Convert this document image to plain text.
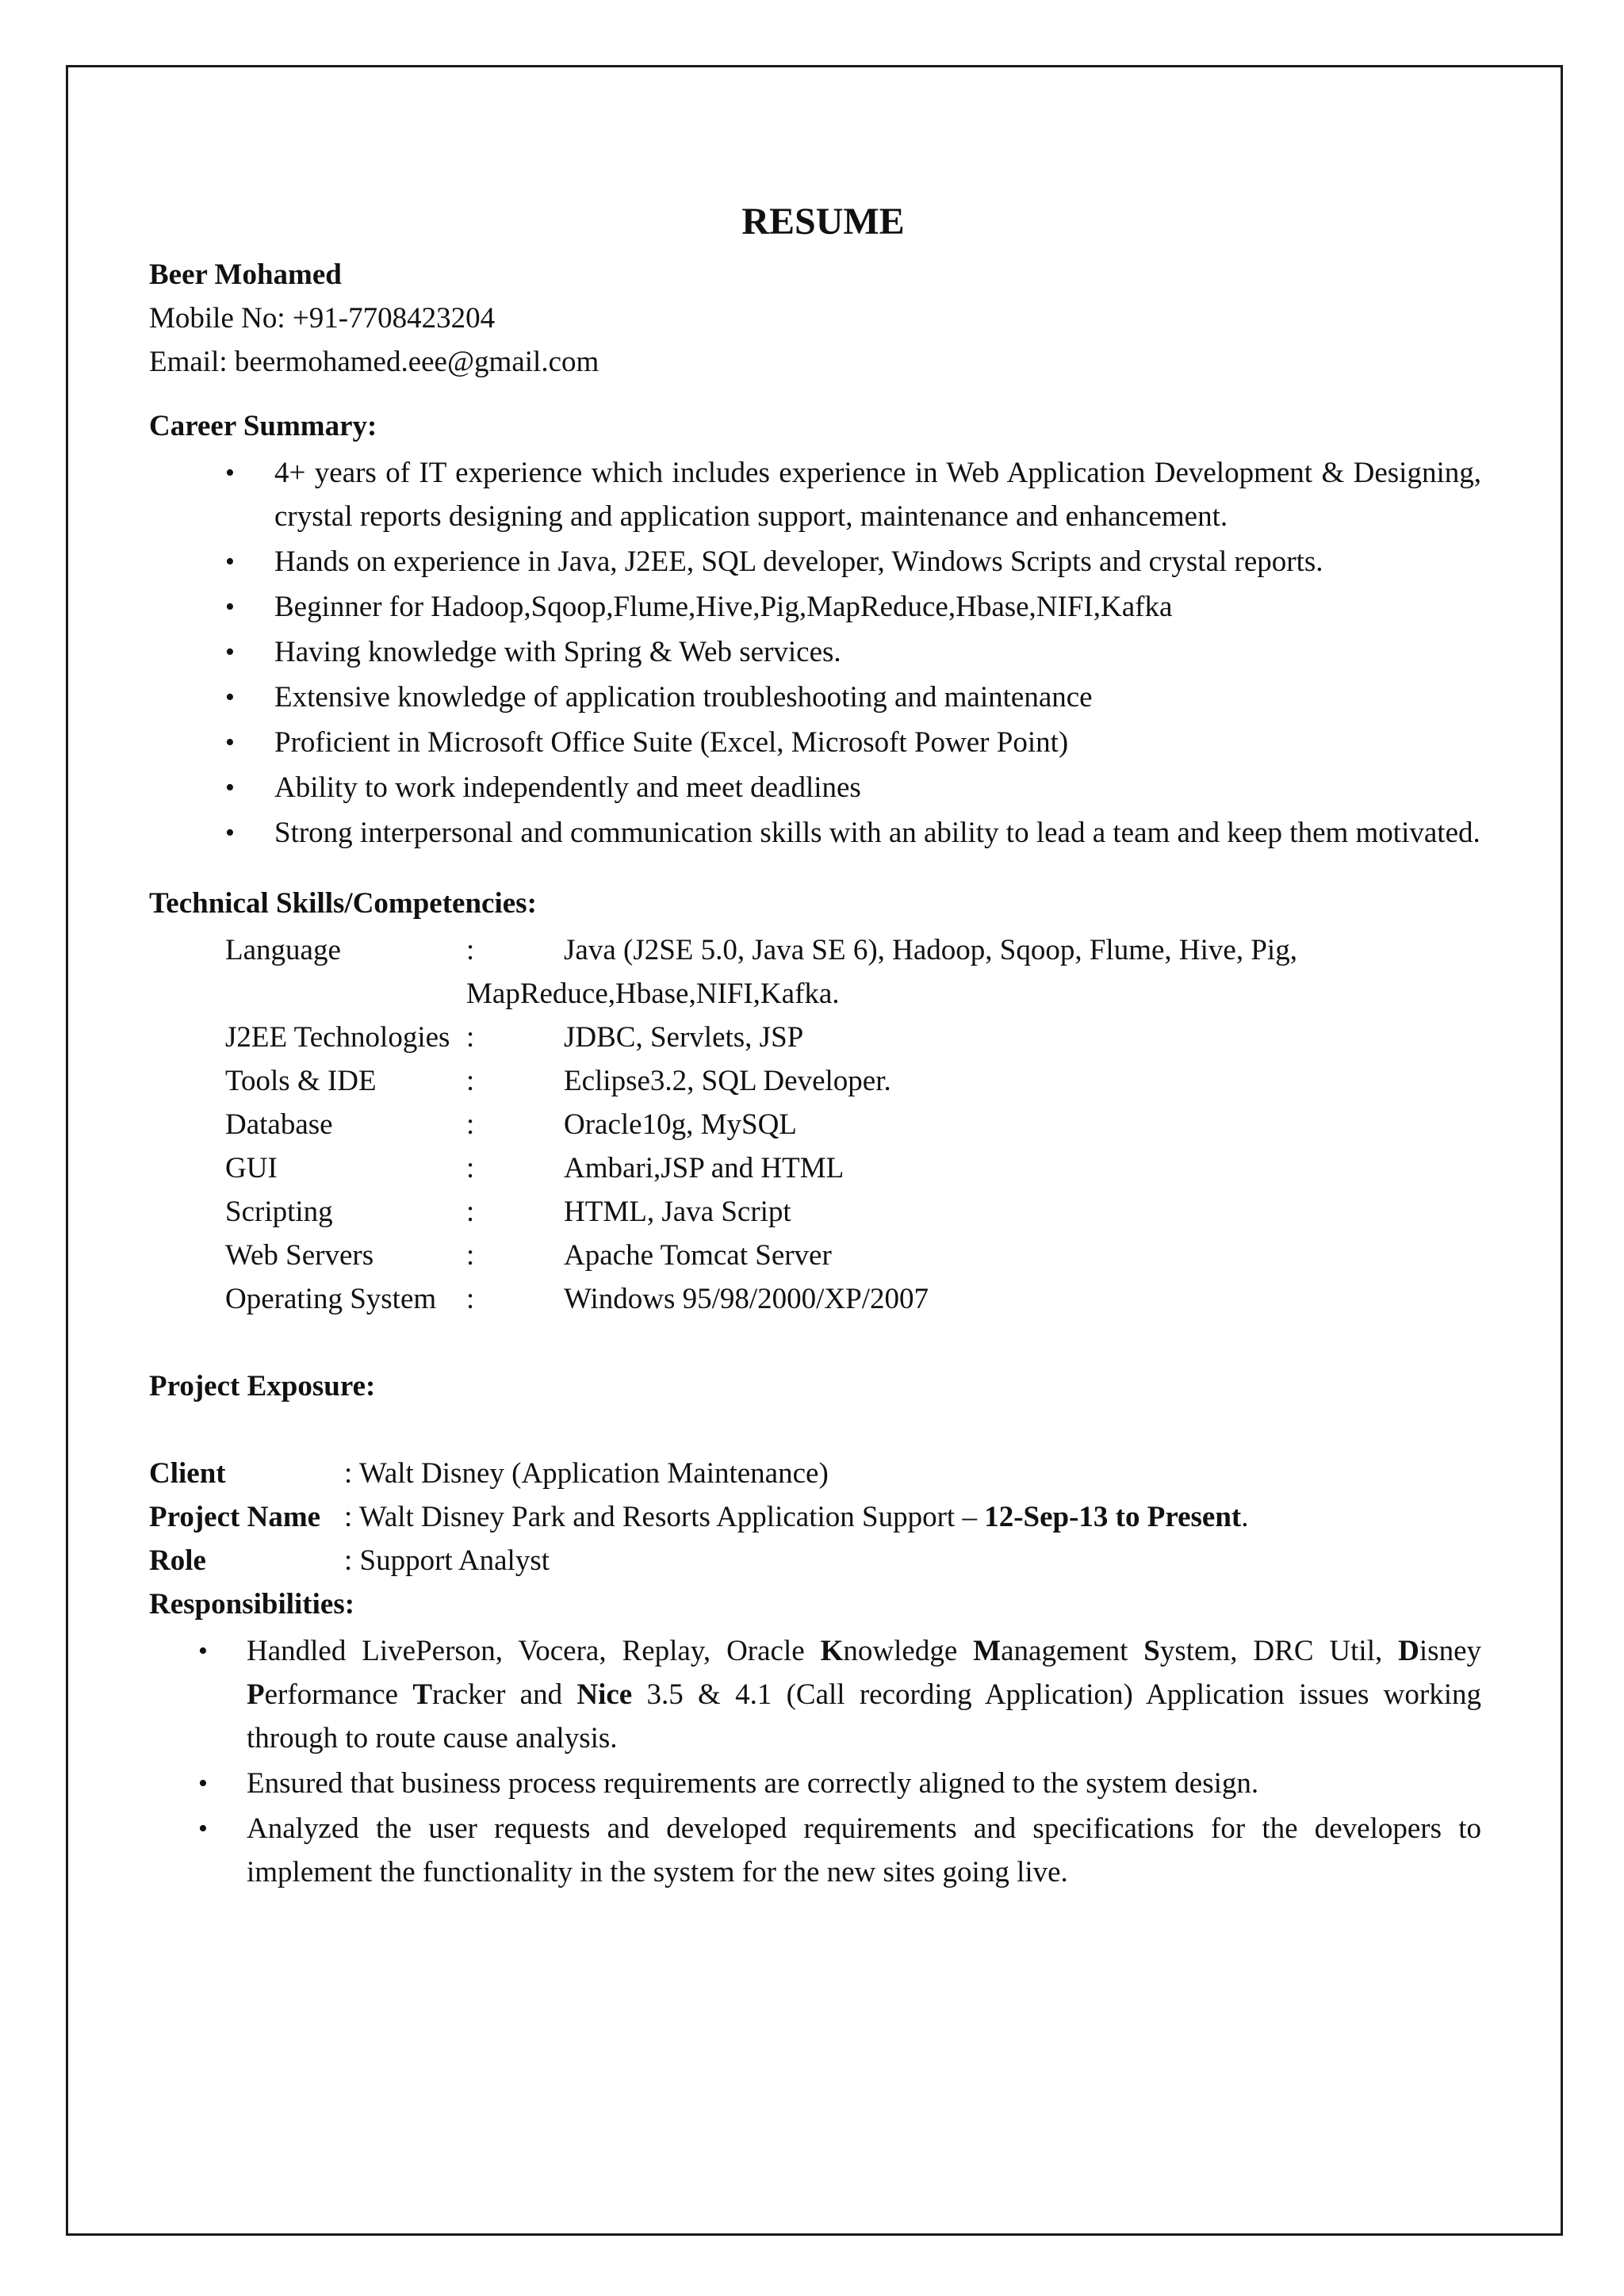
RESUME

Beer Mohamed

Mobile No: +91-7708423204

Email: beermohamed.eee@gmail.com

Career Summary:

• 4+ years of IT experience which includes experience in Web Application Development & Designing, crystal reports designing and application support, maintenance and enhancement.
• Hands on experience in Java, J2EE, SQL developer, Windows Scripts and crystal reports.
• Beginner for Hadoop,Sqoop,Flume,Hive,Pig,MapReduce,Hbase,NIFI,Kafka
• Having knowledge with Spring & Web services.
• Extensive knowledge of application troubleshooting and maintenance
• Proficient in Microsoft Office Suite (Excel, Microsoft Power Point)
• Ability to work independently and meet deadlines
• Strong interpersonal and communication skills with an ability to lead a team and keep them motivated.

Technical Skills/Competencies:

Language	:	Java (J2SE 5.0, Java SE 6), Hadoop, Sqoop, Flume, Hive, Pig,
MapReduce,Hbase,NIFI,Kafka.
J2EE Technologies :	JDBC, Servlets, JSP
Tools & IDE	:	Eclipse3.2, SQL Developer.
Database	:	Oracle10g, MySQL
GUI	:	Ambari,JSP and HTML
Scripting	:	HTML, Java Script
Web Servers	:	Apache Tomcat Server
Operating System	:	Windows 95/98/2000/XP/2007

Project Exposure:

Client	: Walt Disney (Application Maintenance)
Project Name : Walt Disney Park and Resorts Application Support – 12-Sep-13 to Present.
Role	: Support Analyst

Responsibilities:

• Handled LivePerson, Vocera, Replay, Oracle Knowledge Management System, DRC Util, Disney Performance Tracker and Nice 3.5 & 4.1 (Call recording Application) Application issues working through to route cause analysis.
• Ensured that business process requirements are correctly aligned to the system design.
• Analyzed the user requests and developed requirements and specifications for the developers to implement the functionality in the system for the new sites going live.
